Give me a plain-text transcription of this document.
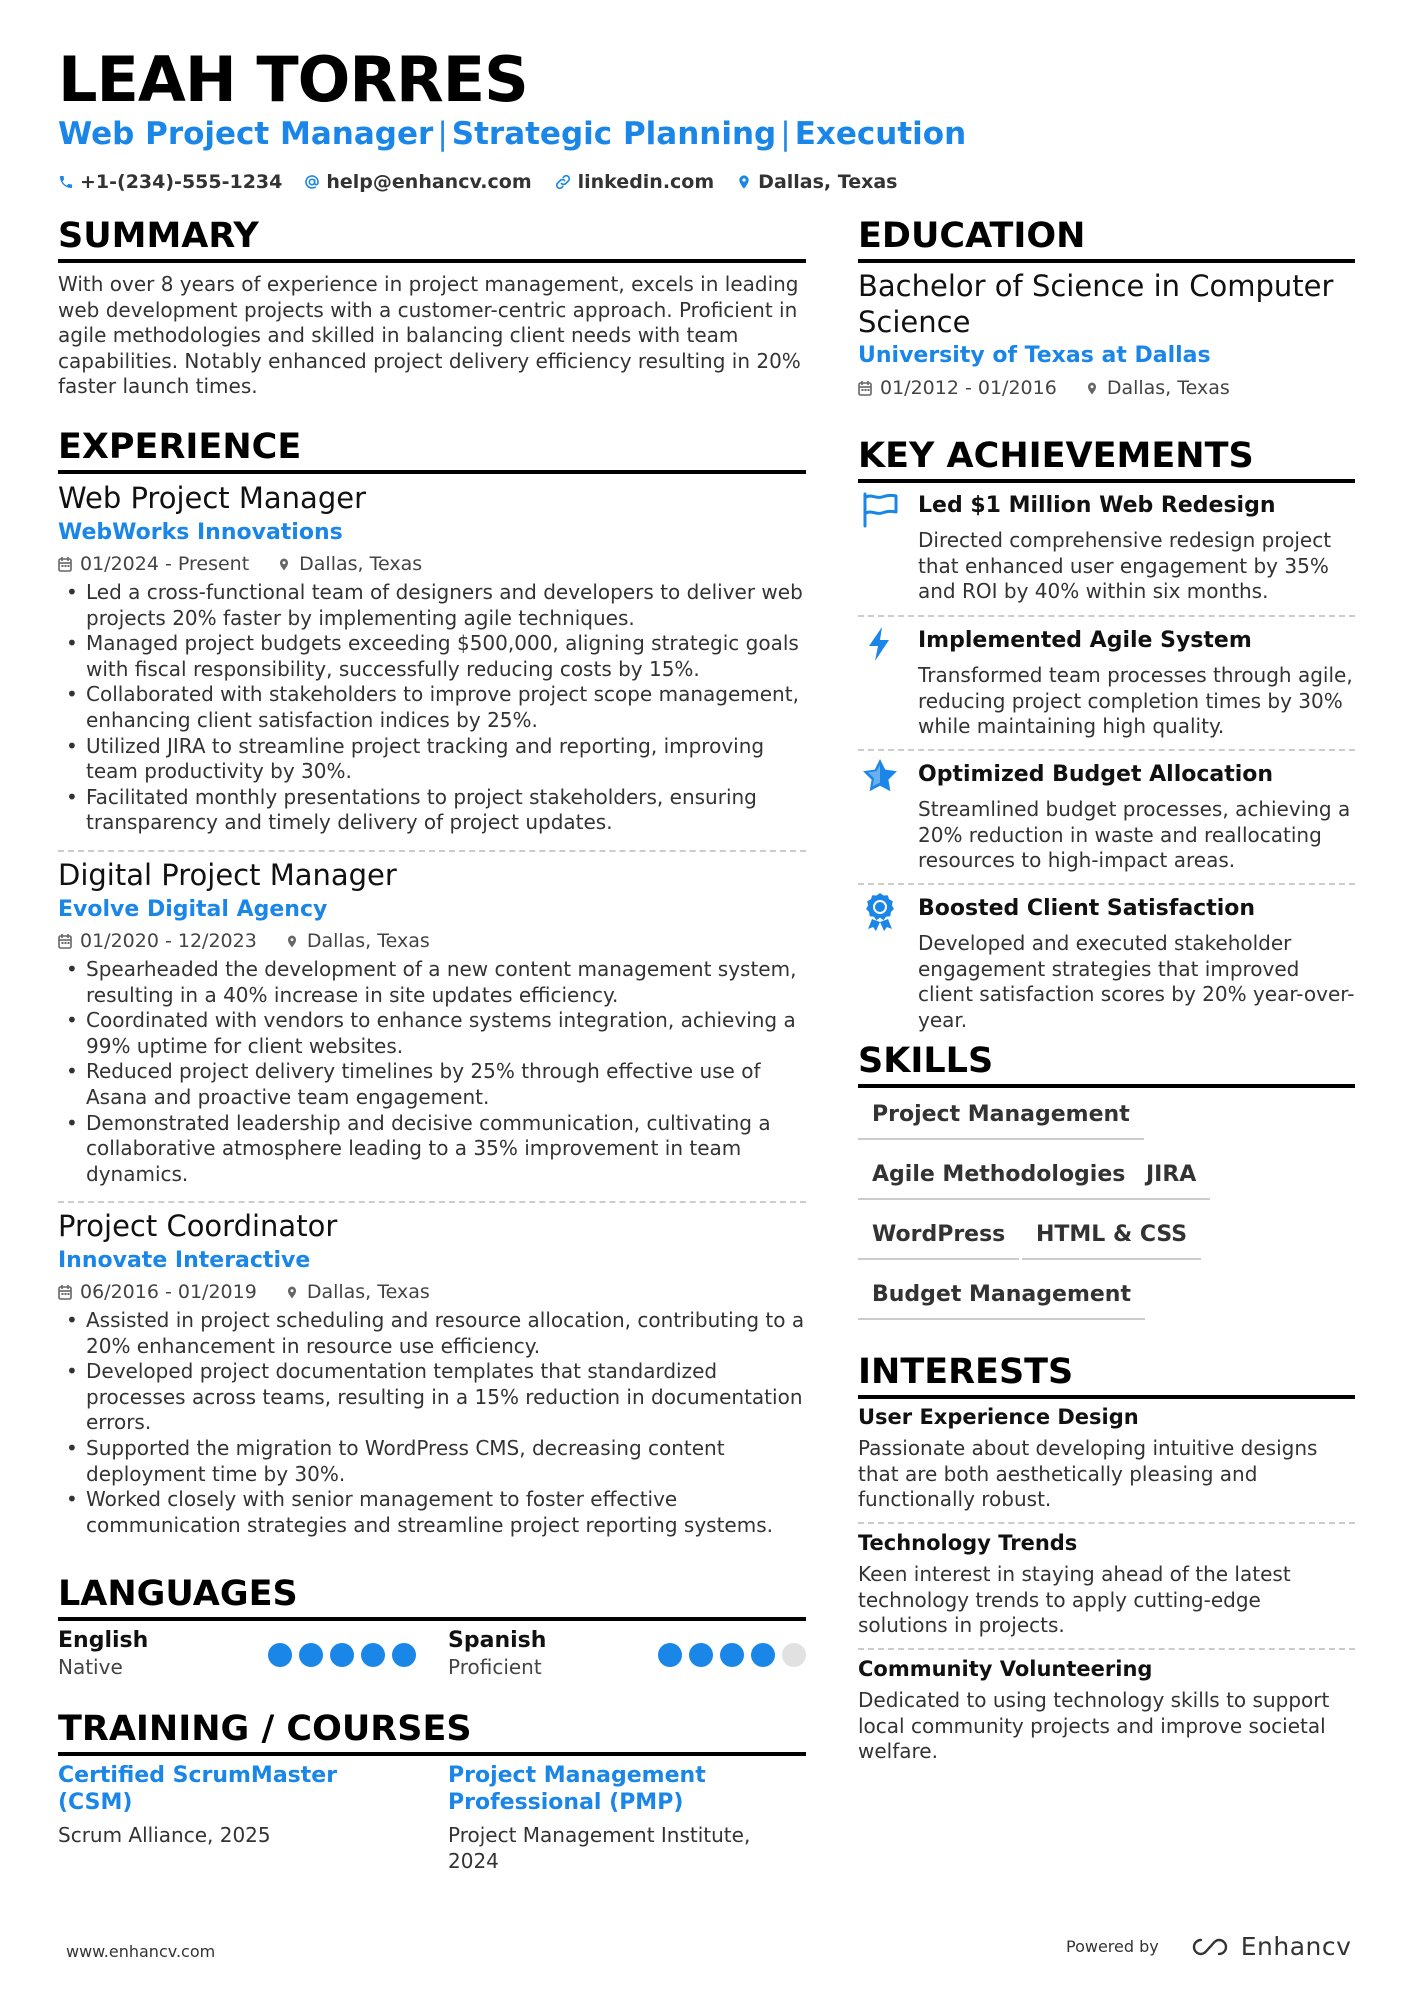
LEAH TORRES
Web Project Manager | Strategic Planning | Execution
+1-(234)-555-1234 help@enhancv.com linkedin.com Dallas, Texas
SUMMARY
With over 8 years of experience in project management, excels in leading web development projects with a customer-centric approach. Proficient in agile methodologies and skilled in balancing client needs with team capabilities. Notably enhanced project delivery efficiency resulting in 20% faster launch times.
EXPERIENCE
Web Project Manager
WebWorks Innovations
01/2024 - Present	Dallas, Texas
• Led a cross-functional team of designers and developers to deliver web projects 20% faster by implementing agile techniques.
• Managed project budgets exceeding $500,000, aligning strategic goals with fiscal responsibility, successfully reducing costs by 15%.
• Collaborated with stakeholders to improve project scope management, enhancing client satisfaction indices by 25%.
• Utilized JIRA to streamline project tracking and reporting, improving team productivity by 30%.
• Facilitated monthly presentations to project stakeholders, ensuring transparency and timely delivery of project updates.
Digital Project Manager
Evolve Digital Agency
01/2020 - 12/2023	Dallas, Texas
• Spearheaded the development of a new content management system, resulting in a 40% increase in site updates efficiency.
• Coordinated with vendors to enhance systems integration, achieving a 99% uptime for client websites.
• Reduced project delivery timelines by 25% through effective use of Asana and proactive team engagement.
• Demonstrated leadership and decisive communication, cultivating a collaborative atmosphere leading to a 35% improvement in team dynamics.
Project Coordinator
Innovate Interactive
06/2016 - 01/2019	Dallas, Texas
• Assisted in project scheduling and resource allocation, contributing to a 20% enhancement in resource use efficiency.
• Developed project documentation templates that standardized processes across teams, resulting in a 15% reduction in documentation errors.
• Supported the migration to WordPress CMS, decreasing content deployment time by 30%.
• Worked closely with senior management to foster effective communication strategies and streamline project reporting systems.
LANGUAGES
English
Native
Spanish
Proficient
TRAINING / COURSES
Certified ScrumMaster (CSM)
Scrum Alliance, 2025
Project Management Professional (PMP)
Project Management Institute, 2024
EDUCATION
Bachelor of Science in Computer Science
University of Texas at Dallas
01/2012 - 01/2016	Dallas, Texas
KEY ACHIEVEMENTS
Led $1 Million Web Redesign
Directed comprehensive redesign project that enhanced user engagement by 35% and ROI by 40% within six months.
Implemented Agile System
Transformed team processes through agile, reducing project completion times by 30% while maintaining high quality.
Optimized Budget Allocation
Streamlined budget processes, achieving a 20% reduction in waste and reallocating resources to high-impact areas.
Boosted Client Satisfaction
Developed and executed stakeholder engagement strategies that improved client satisfaction scores by 20% year-over-year.
SKILLS
Project Management
Agile Methodologies JIRA
WordPress	HTML & CSS
Budget Management
INTERESTS
User Experience Design
Passionate about developing intuitive designs that are both aesthetically pleasing and functionally robust.
Technology Trends
Keen interest in staying ahead of the latest technology trends to apply cutting-edge solutions in projects.
Community Volunteering
Dedicated to using technology skills to support local community projects and improve societal welfare.
www.enhancv.com	Powered by	Enhancv
